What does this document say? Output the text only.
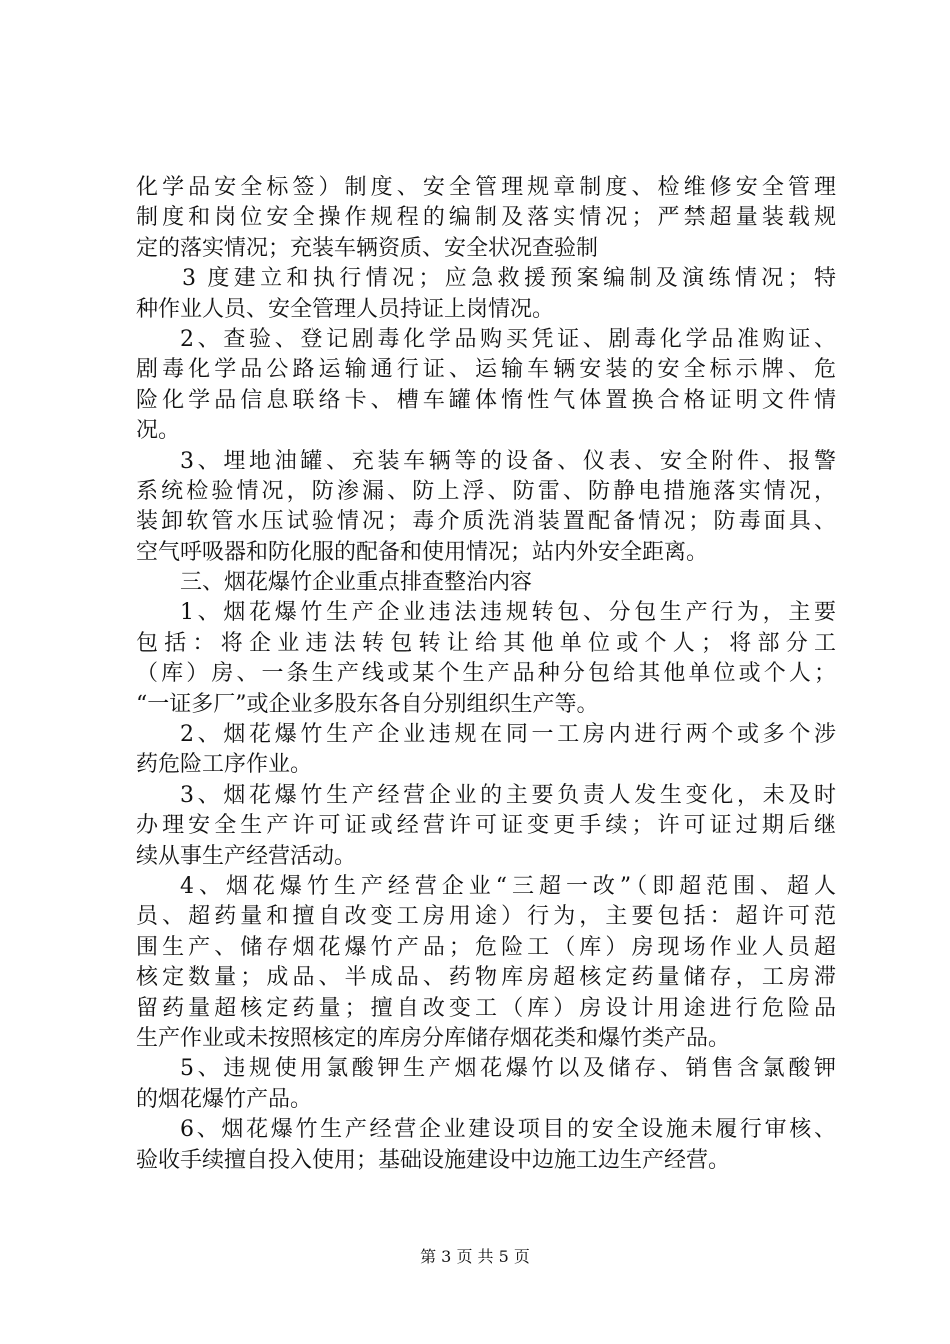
化学品安全标签）制度、安全管理规章制度、检维修安全管理
制度和岗位安全操作规程的编制及落实情况；严禁超量装载规
定的落实情况；充装车辆资质、安全状况查验制
3 度建立和执行情况；应急救援预案编制及演练情况；特
种作业人员、安全管理人员持证上岗情况。
2、查验、登记剧毒化学品购买凭证、剧毒化学品准购证、
剧毒化学品公路运输通行证、运输车辆安装的安全标示牌、危
险化学品信息联络卡、槽车罐体惰性气体置换合格证明文件情
况。
3、埋地油罐、充装车辆等的设备、仪表、安全附件、报警
系统检验情况，防渗漏、防上浮、防雷、防静电措施落实情况，
装卸软管水压试验情况；毒介质洗消装置配备情况；防毒面具、
空气呼吸器和防化服的配备和使用情况；站内外安全距离。
三、烟花爆竹企业重点排查整治内容
1、烟花爆竹生产企业违法违规转包、分包生产行为，主要
包括：将企业违法转包转让给其他单位或个人；将部分工
（库）房、一条生产线或某个生产品种分包给其他单位或个人；
“一证多厂”或企业多股东各自分别组织生产等。
2、烟花爆竹生产企业违规在同一工房内进行两个或多个涉
药危险工序作业。
3、烟花爆竹生产经营企业的主要负责人发生变化，未及时
办理安全生产许可证或经营许可证变更手续；许可证过期后继
续从事生产经营活动。
4、烟花爆竹生产经营企业“三超一改”（即超范围、超人
员、超药量和擅自改变工房用途）行为，主要包括：超许可范
围生产、储存烟花爆竹产品；危险工（库）房现场作业人员超
核定数量；成品、半成品、药物库房超核定药量储存，工房滞
留药量超核定药量；擅自改变工（库）房设计用途进行危险品
生产作业或未按照核定的库房分库储存烟花类和爆竹类产品。
5、违规使用氯酸钾生产烟花爆竹以及储存、销售含氯酸钾
的烟花爆竹产品。
6、烟花爆竹生产经营企业建设项目的安全设施未履行审核、
验收手续擅自投入使用；基础设施建设中边施工边生产经营。
第 3 页 共 5 页
